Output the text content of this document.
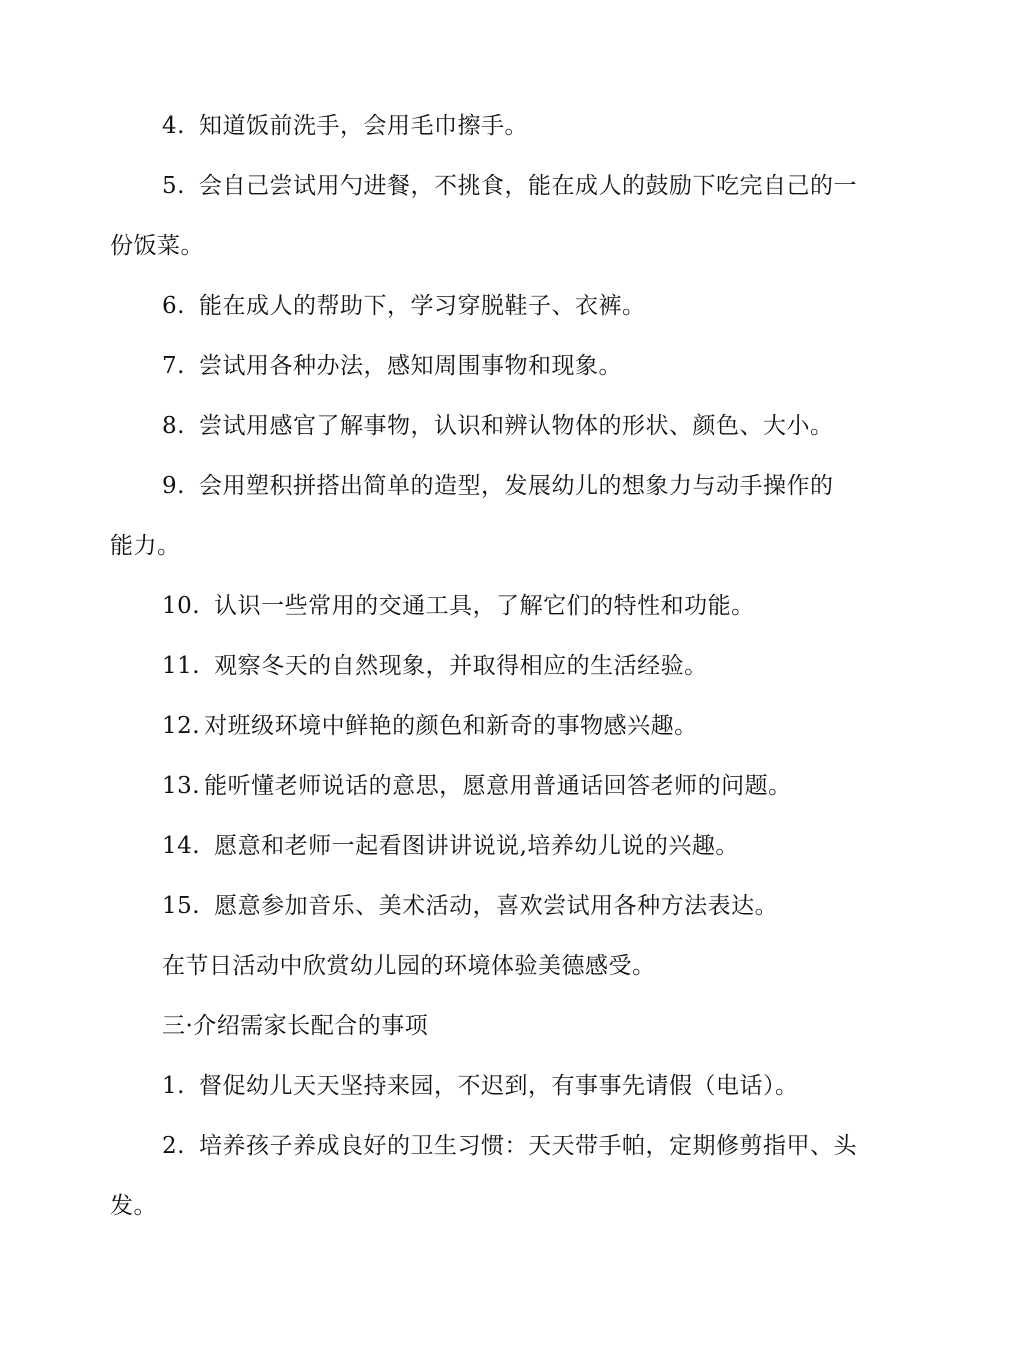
4. 知道饭前洗手，会用毛巾擦手。
5. 会自己尝试用勺进餐，不挑食，能在成人的鼓励下吃完自己的一
份饭菜。
6. 能在成人的帮助下，学习穿脱鞋子、衣裤。
7. 尝试用各种办法，感知周围事物和现象。
8. 尝试用感官了解事物，认识和辨认物体的形状、颜色、大小。
9. 会用塑积拼搭出简单的造型，发展幼儿的想象力与动手操作的
能力。
10. 认识一些常用的交通工具，了解它们的特性和功能。
11. 观察冬天的自然现象，并取得相应的生活经验。
12. 对班级环境中鲜艳的颜色和新奇的事物感兴趣。
13. 能听懂老师说话的意思，愿意用普通话回答老师的问题。
14. 愿意和老师一起看图讲讲说说,培养幼儿说的兴趣。
15. 愿意参加音乐、美术活动，喜欢尝试用各种方法表达。
在节日活动中欣赏幼儿园的环境体验美德感受。
三·介绍需家长配合的事项
1. 督促幼儿天天坚持来园，不迟到，有事事先请假（电话）。
2. 培养孩子养成良好的卫生习惯：天天带手帕，定期修剪指甲、头
发。
